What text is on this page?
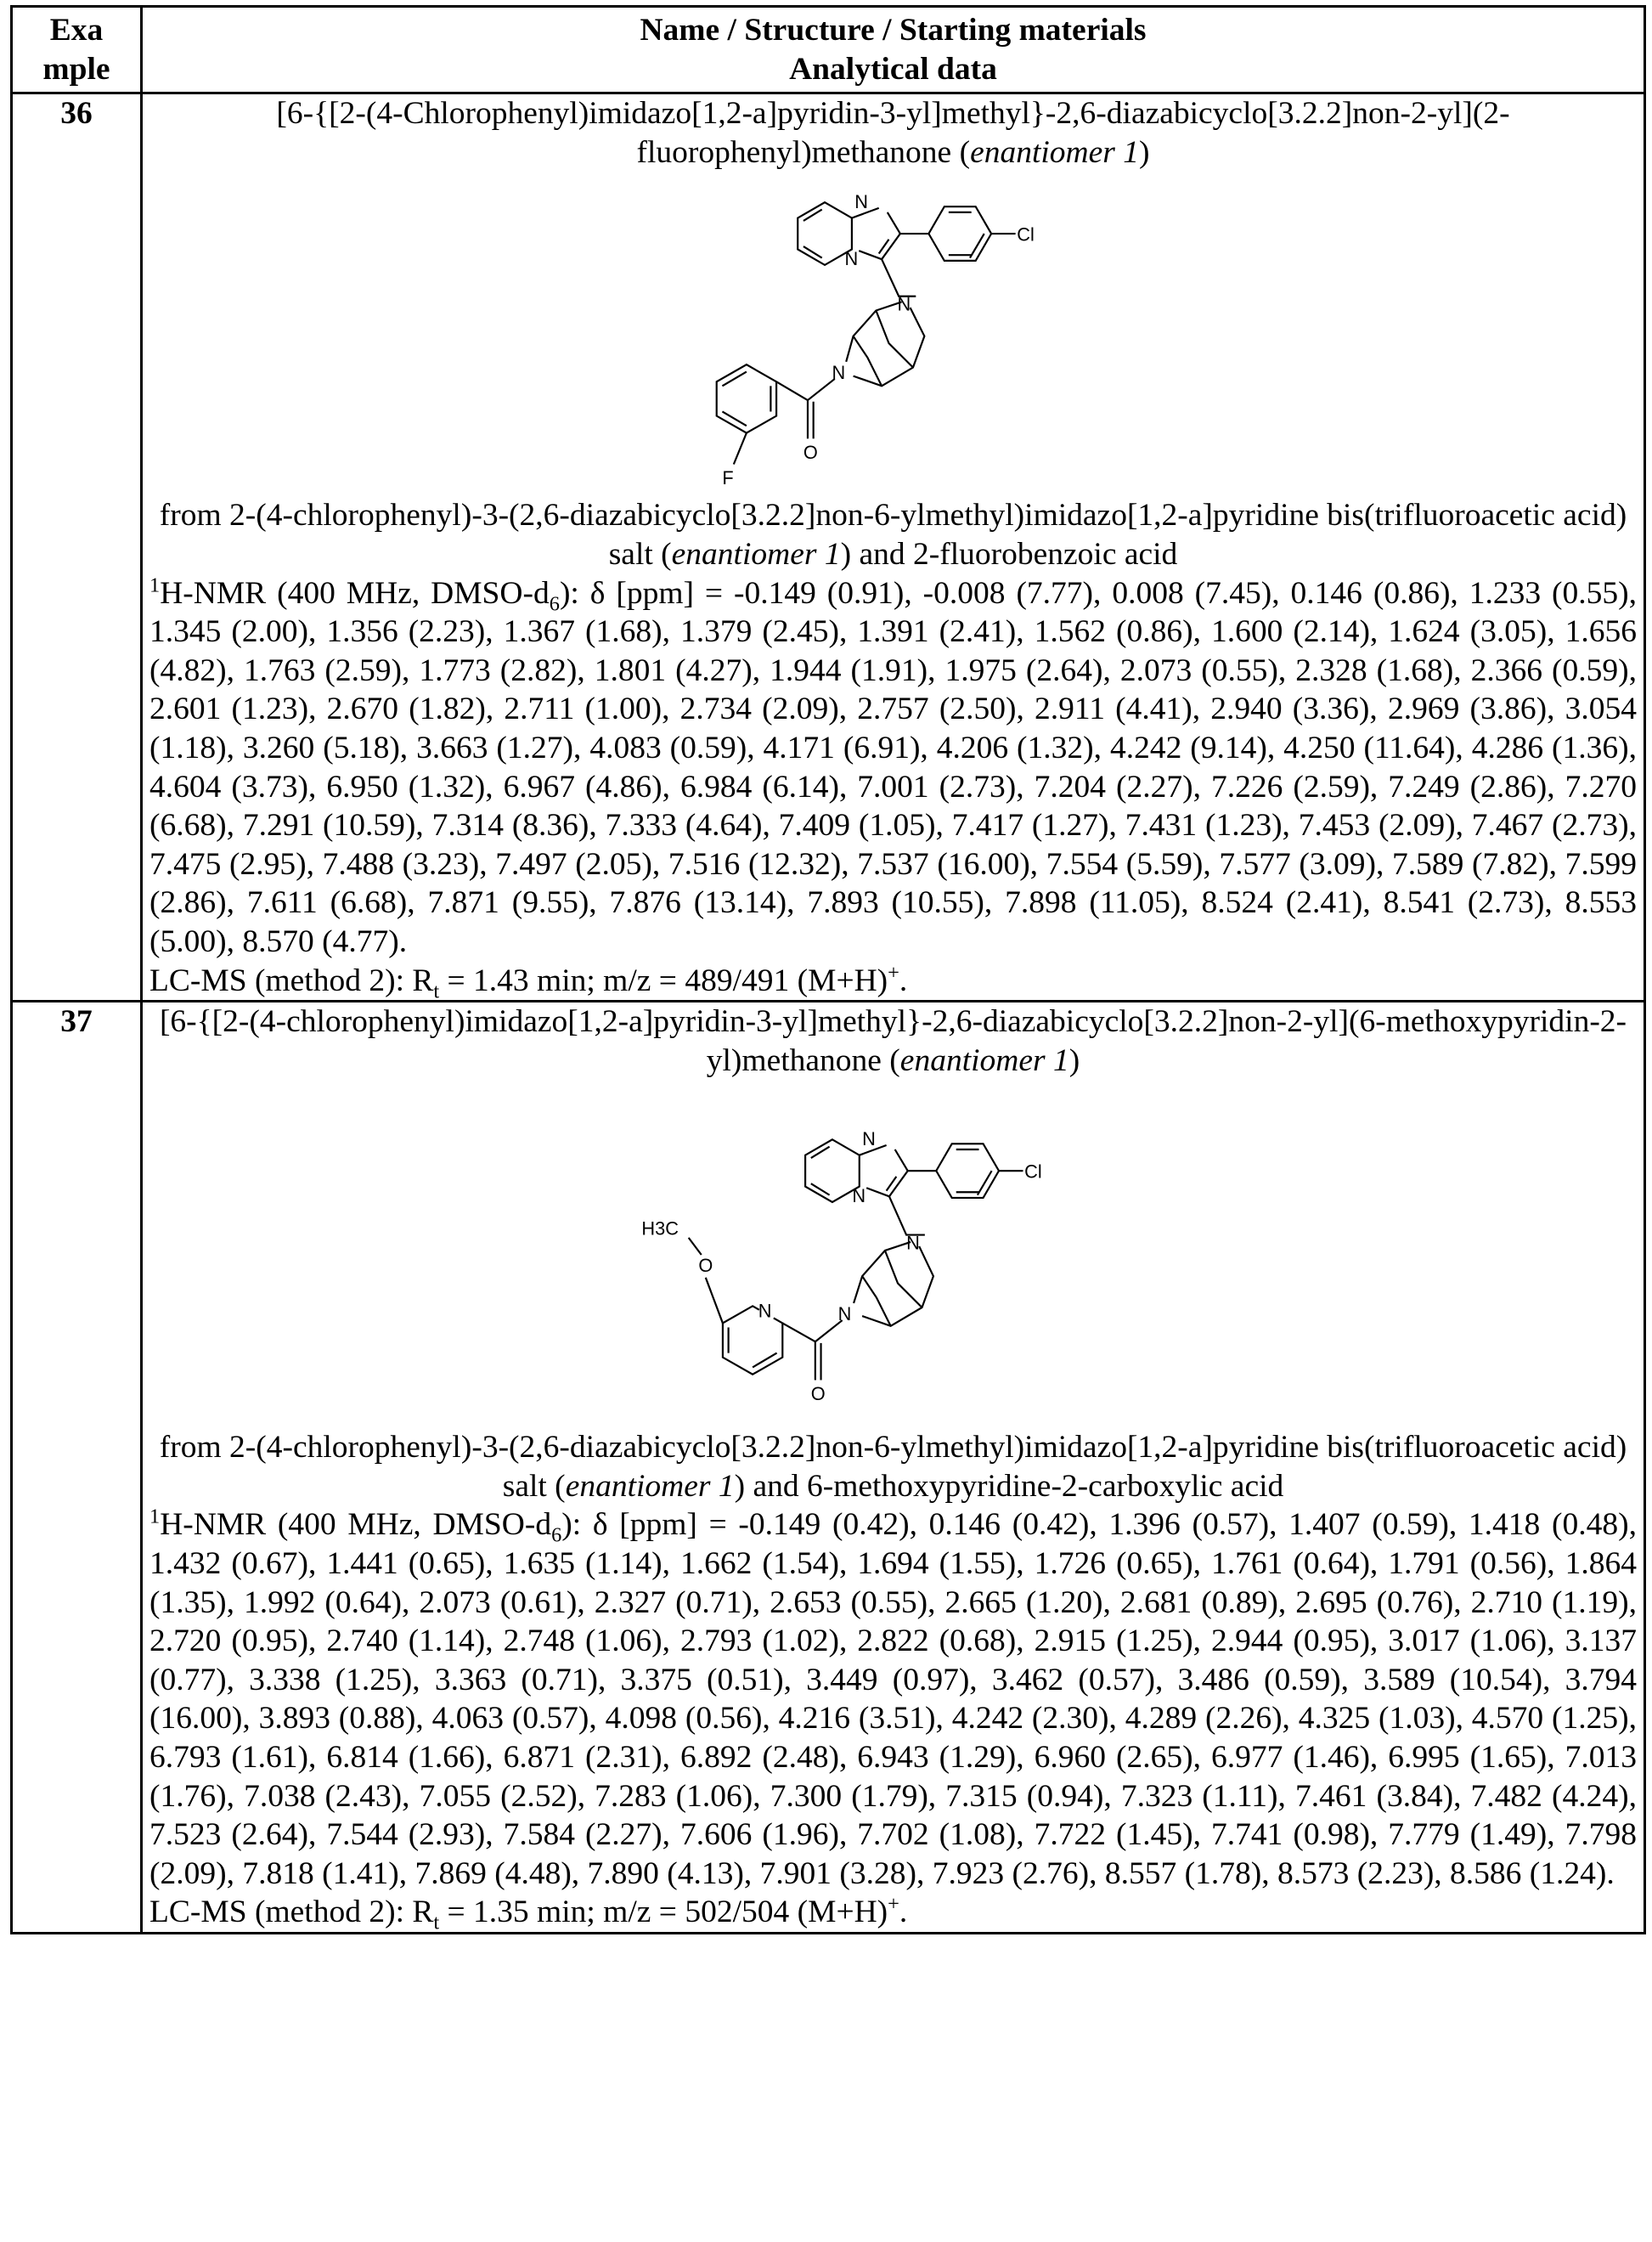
Exa mple	
Name / Structure / Starting materials
Analytical data

36	[6-{[2-(4-Chlorophenyl)imidazo[1,2-a]pyridin-3-yl]methyl}-2,6-diazabicyclo[3.2.2]non-2-yl](2-fluorophenyl)methanone (enantiomer 1)
N
N
Cl
N
N
O
F
from 2-(4-chlorophenyl)-3-(2,6-diazabicyclo[3.2.2]non-6-ylmethyl)imidazo[1,2-a]pyridine bis(trifluoroacetic acid) salt (enantiomer 1) and 2-fluorobenzoic acid
1H-NMR (400 MHz, DMSO-d6): δ [ppm] = -0.149 (0.91), -0.008 (7.77), 0.008 (7.45), 0.146 (0.86), 1.233 (0.55), 1.345 (2.00), 1.356 (2.23), 1.367 (1.68), 1.379 (2.45), 1.391 (2.41), 1.562 (0.86), 1.600 (2.14), 1.624 (3.05), 1.656 (4.82), 1.763 (2.59), 1.773 (2.82), 1.801 (4.27), 1.944 (1.91), 1.975 (2.64), 2.073 (0.55), 2.328 (1.68), 2.366 (0.59), 2.601 (1.23), 2.670 (1.82), 2.711 (1.00), 2.734 (2.09), 2.757 (2.50), 2.911 (4.41), 2.940 (3.36), 2.969 (3.86), 3.054 (1.18), 3.260 (5.18), 3.663 (1.27), 4.083 (0.59), 4.171 (6.91), 4.206 (1.32), 4.242 (9.14), 4.250 (11.64), 4.286 (1.36), 4.604 (3.73), 6.950 (1.32), 6.967 (4.86), 6.984 (6.14), 7.001 (2.73), 7.204 (2.27), 7.226 (2.59), 7.249 (2.86), 7.270 (6.68), 7.291 (10.59), 7.314 (8.36), 7.333 (4.64), 7.409 (1.05), 7.417 (1.27), 7.431 (1.23), 7.453 (2.09), 7.467 (2.73), 7.475 (2.95), 7.488 (3.23), 7.497 (2.05), 7.516 (12.32), 7.537 (16.00), 7.554 (5.59), 7.577 (3.09), 7.589 (7.82), 7.599 (2.86), 7.611 (6.68), 7.871 (9.55), 7.876 (13.14), 7.893 (10.55), 7.898 (11.05), 8.524 (2.41), 8.541 (2.73), 8.553 (5.00), 8.570 (4.77).
LC-MS (method 2): Rt = 1.43 min; m/z = 489/491 (M+H)+.

37	[6-{[2-(4-chlorophenyl)imidazo[1,2-a]pyridin-3-yl]methyl}-2,6-diazabicyclo[3.2.2]non-2-yl](6-methoxypyridin-2-yl)methanone (enantiomer 1)
N
N
Cl
N
N
O
H3C
O
N
from 2-(4-chlorophenyl)-3-(2,6-diazabicyclo[3.2.2]non-6-ylmethyl)imidazo[1,2-a]pyridine bis(trifluoroacetic acid) salt (enantiomer 1) and 6-methoxypyridine-2-carboxylic acid
1H-NMR (400 MHz, DMSO-d6): δ [ppm] = -0.149 (0.42), 0.146 (0.42), 1.396 (0.57), 1.407 (0.59), 1.418 (0.48), 1.432 (0.67), 1.441 (0.65), 1.635 (1.14), 1.662 (1.54), 1.694 (1.55), 1.726 (0.65), 1.761 (0.64), 1.791 (0.56), 1.864 (1.35), 1.992 (0.64), 2.073 (0.61), 2.327 (0.71), 2.653 (0.55), 2.665 (1.20), 2.681 (0.89), 2.695 (0.76), 2.710 (1.19), 2.720 (0.95), 2.740 (1.14), 2.748 (1.06), 2.793 (1.02), 2.822 (0.68), 2.915 (1.25), 2.944 (0.95), 3.017 (1.06), 3.137 (0.77), 3.338 (1.25), 3.363 (0.71), 3.375 (0.51), 3.449 (0.97), 3.462 (0.57), 3.486 (0.59), 3.589 (10.54), 3.794 (16.00), 3.893 (0.88), 4.063 (0.57), 4.098 (0.56), 4.216 (3.51), 4.242 (2.30), 4.289 (2.26), 4.325 (1.03), 4.570 (1.25), 6.793 (1.61), 6.814 (1.66), 6.871 (2.31), 6.892 (2.48), 6.943 (1.29), 6.960 (2.65), 6.977 (1.46), 6.995 (1.65), 7.013 (1.76), 7.038 (2.43), 7.055 (2.52), 7.283 (1.06), 7.300 (1.79), 7.315 (0.94), 7.323 (1.11), 7.461 (3.84), 7.482 (4.24), 7.523 (2.64), 7.544 (2.93), 7.584 (2.27), 7.606 (1.96), 7.702 (1.08), 7.722 (1.45), 7.741 (0.98), 7.779 (1.49), 7.798 (2.09), 7.818 (1.41), 7.869 (4.48), 7.890 (4.13), 7.901 (3.28), 7.923 (2.76), 8.557 (1.78), 8.573 (2.23), 8.586 (1.24).
LC-MS (method 2): Rt = 1.35 min; m/z = 502/504 (M+H)+.
